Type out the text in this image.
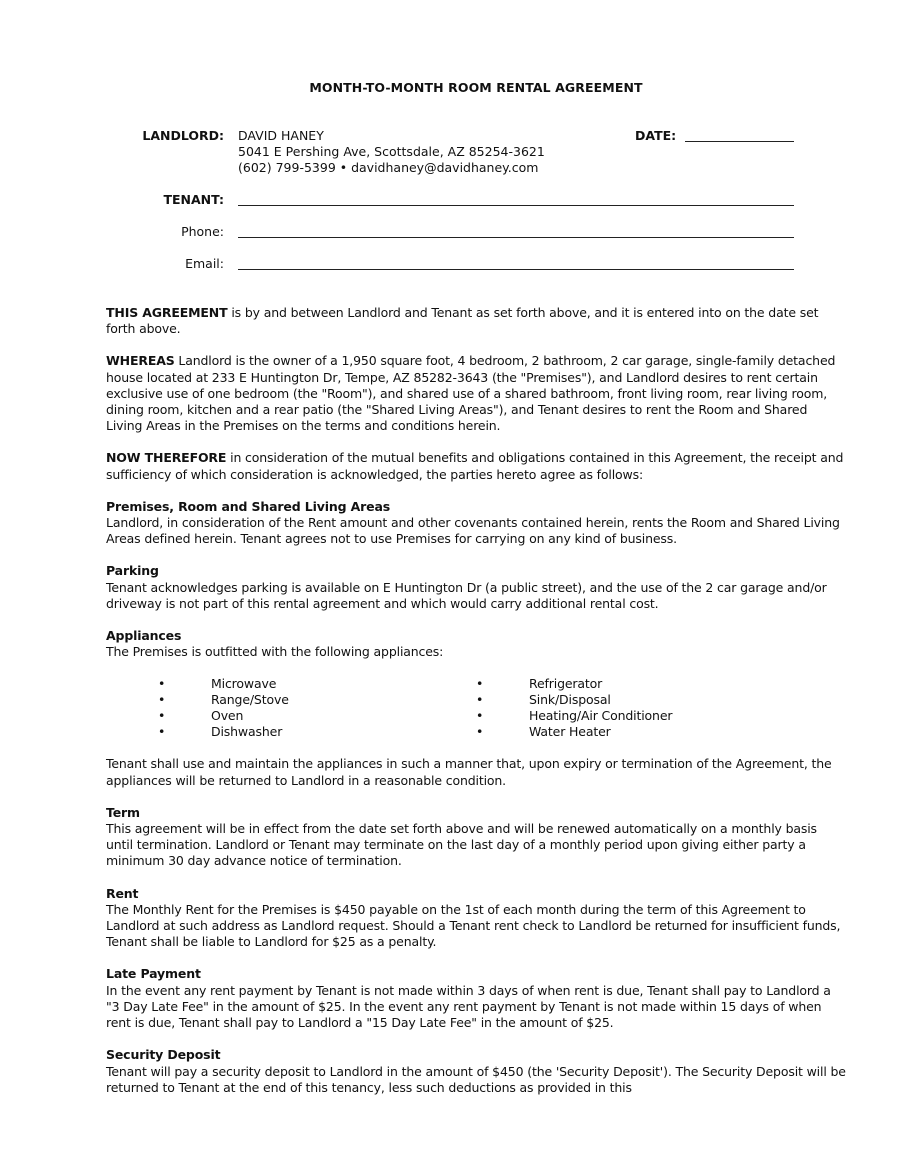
MONTH-TO-MONTH ROOM RENTAL AGREEMENT
LANDLORD: DAVID HANEY
5041 E Pershing Ave, Scottsdale, AZ 85254-3621
(602) 799-5399 • davidhaney@davidhaney.com
DATE:
TENANT:
Phone:
Email:

THIS AGREEMENT is by and between Landlord and Tenant as set forth above, and it is entered into on the date set forth above.

WHEREAS Landlord is the owner of a 1,950 square foot, 4 bedroom, 2 bathroom, 2 car garage, single-family detached house located at 233 E Huntington Dr, Tempe, AZ 85282-3643 (the "Premises"), and Landlord desires to rent certain exclusive use of one bedroom (the "Room"), and shared use of a shared bathroom, front living room, rear living room, dining room, kitchen and a rear patio (the "Shared Living Areas"), and Tenant desires to rent the Room and Shared Living Areas in the Premises on the terms and conditions herein.

NOW THEREFORE in consideration of the mutual benefits and obligations contained in this Agreement, the receipt and sufficiency of which consideration is acknowledged, the parties hereto agree as follows:

Premises, Room and Shared Living Areas

Landlord, in consideration of the Rent amount and other covenants contained herein, rents the Room and Shared Living Areas defined herein. Tenant agrees not to use Premises for carrying on any kind of business.

Parking

Tenant acknowledges parking is available on E Huntington Dr (a public street), and the use of the 2 car garage and/or driveway is not part of this rental agreement and which would carry additional rental cost.

Appliances

The Premises is outfitted with the following appliances:

•	Microwave
•	Range/Stove
•	Oven
•	Dishwasher
•	Refrigerator
•	Sink/Disposal
•	Heating/Air Conditioner
•	Water Heater

Tenant shall use and maintain the appliances in such a manner that, upon expiry or termination of the Agreement, the appliances will be returned to Landlord in a reasonable condition.

Term

This agreement will be in effect from the date set forth above and will be renewed automatically on a monthly basis until termination. Landlord or Tenant may terminate on the last day of a monthly period upon giving either party a minimum 30 day advance notice of termination.

Rent

The Monthly Rent for the Premises is $450 payable on the 1st of each month during the term of this Agreement to Landlord at such address as Landlord request. Should a Tenant rent check to Landlord be returned for insufficient funds, Tenant shall be liable to Landlord for $25 as a penalty.

Late Payment

In the event any rent payment by Tenant is not made within 3 days of when rent is due, Tenant shall pay to Landlord a "3 Day Late Fee" in the amount of $25. In the event any rent payment by Tenant is not made within 15 days of when rent is due, Tenant shall pay to Landlord a "15 Day Late Fee" in the amount of $25.

Security Deposit

Tenant will pay a security deposit to Landlord in the amount of $450 (the 'Security Deposit'). The Security Deposit will be returned to Tenant at the end of this tenancy, less such deductions as provided in this
